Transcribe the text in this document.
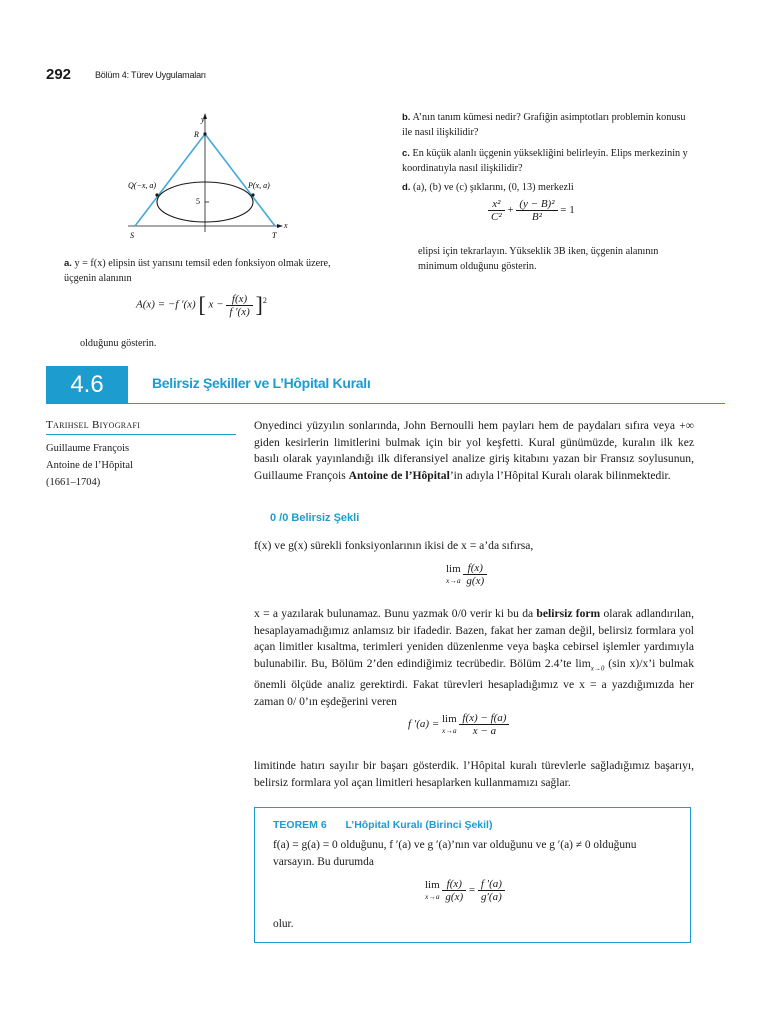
292	Bölüm 4: Türev Uygulamaları
y
R
Q(−x, a)	P(x, a)
5
x
S	T
a. y = f(x) elipsin üst yarısını temsil eden fonksiyon olmak üzere, üçgenin alanının
A(x) = −f ′(x) [ $x - \frac{f(x)}{f '(x)} ]^2$
olduğunu gösterin.
b. A’nın tanım kümesi nedir? Grafiğin asimptotları problemin konusu ile nasıl ilişkilidir?
c. En küçük alanlı üçgenin yüksekliğini belirleyin. Elips merkezinin y koordinatıyla nasıl ilişkilidir?
d. (a), (b) ve (c) şıklarını, (0, 13) merkezli
$\frac{\text{x²}}{\text{C²}} + \frac{\text{(y − B)²}}{\text{B²}} = 1$
elipsi için tekrarlayın. Yükseklik 3B iken, üçgenin alanının minimum olduğunu gösterin.
4.6	Belirsiz Şekiller ve L’Hôpital Kuralı
Tarihsel Biyografi
Guillaume François
Antoine de l’Hôpital
(1661–1704)
Onyedinci yüzyılın sonlarında, John Bernoulli hem payları hem de paydaları sıfıra veya +∞ giden kesirlerin limitlerini bulmak için bir yol keşfetti. Kural günümüzde, kuralın ilk kez basılı olarak yayınlandığı ilk diferansiyel analize giriş kitabını yazan bir Fransız soylusunun, Guillaume François Antoine de l’Hôpital’in adıyla l’Hôpital Kuralı olarak bilinmektedir.
0 /0 Belirsiz Şekli
f(x) ve g(x) sürekli fonksiyonlarının ikisi de x = a’da sıfırsa,
lim
$x\to a \frac{f(x)}{g(x)}$
x = a yazılarak bulunamaz. Bunu yazmak 0/0 verir ki bu da belirsiz form olarak adlandırılan, hesaplayamadığımız anlamsız bir ifadedir. Bazen, fakat her zaman değil, belirsiz formlara yol açan limitler kısaltma, terimleri yeniden düzenlenme veya başka cebirsel işlemler yardımıyla bulunabilir. Bu, Bölüm 2’den edindiğimiz tecrübedir. Bölüm 2.4’te $\lim_{x\to 0} (\sin$ x)/x’i bulmak önemli ölçüde analiz gerektirdi. Fakat türevleri hesapladığımız ve x = a yazdığımızda her zaman 0/ 0’ın eşdeğerini veren
f ′(a) = lim
$x\to a \frac{f(x) - f(a)}{x - a}$
limitinde hatırı sayılır bir başarı gösterdik. l’Hôpital kuralı türevlerle sağladığımız başarıyı, belirsiz formlara yol açan limitleri hesaplarken kullanmamızı sağlar.
TEOREM 6 L’Hôpital Kuralı (Birinci Şekil)
f(a) = g(a) = 0 olduğunu, f ′(a) ve g ′(a)’nın var olduğunu ve g ′(a) ≠ 0 olduğunu varsayın. Bu durumda
lim
$x\to a \frac{f(x)}{g(x)} = \frac{f '(a)}{g'(a)}$
olur.
